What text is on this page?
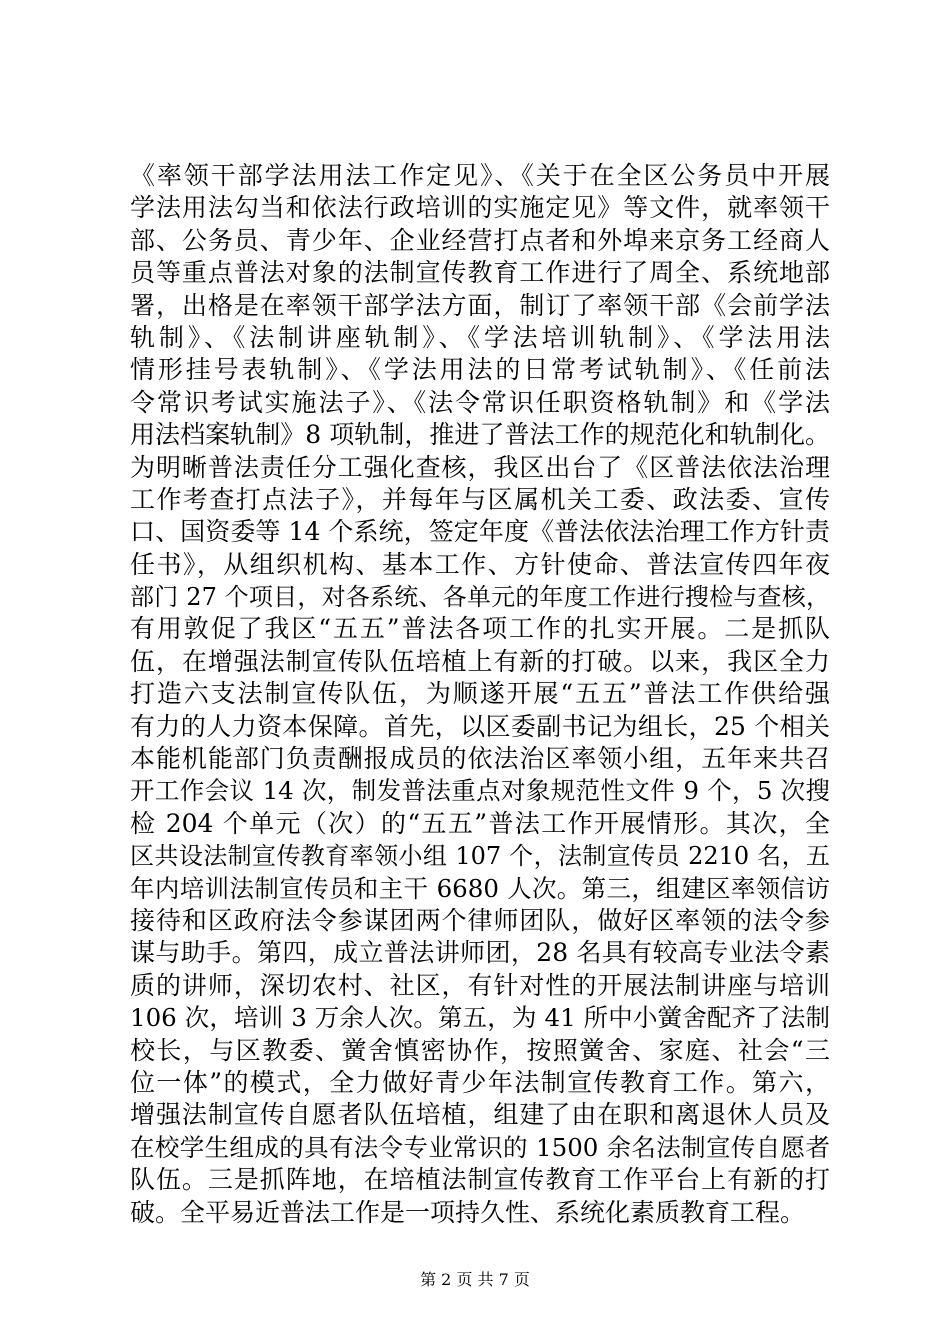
《率领干部学法用法工作定见》、《关于在全区公务员中开展
学法用法勾当和依法行政培训的实施定见》等文件，就率领干
部、公务员、青少年、企业经营打点者和外埠来京务工经商人
员等重点普法对象的法制宣传教育工作进行了周全、系统地部
署，出格是在率领干部学法方面，制订了率领干部《会前学法
轨制》、《法制讲座轨制》、《学法培训轨制》、《学法用法
情形挂号表轨制》、《学法用法的日常考试轨制》、《任前法
令常识考试实施法子》、《法令常识任职资格轨制》和《学法
用法档案轨制》8 项轨制，推进了普法工作的规范化和轨制化。
为明晰普法责任分工强化查核，我区出台了《区普法依法治理
工作考查打点法子》，并每年与区属机关工委、政法委、宣传
口、国资委等 14 个系统，签定年度《普法依法治理工作方针责
任书》，从组织机构、基本工作、方针使命、普法宣传四年夜
部门 27 个项目，对各系统、各单元的年度工作进行搜检与查核，
有用敦促了我区“五五”普法各项工作的扎实开展。二是抓队
伍，在增强法制宣传队伍培植上有新的打破。以来，我区全力
打造六支法制宣传队伍，为顺遂开展“五五”普法工作供给强
有力的人力资本保障。首先，以区委副书记为组长，25 个相关
本能机能部门负责酬报成员的依法治区率领小组，五年来共召
开工作会议 14 次，制发普法重点对象规范性文件 9 个，5 次搜
检 204 个单元（次）的“五五”普法工作开展情形。其次，全
区共设法制宣传教育率领小组 107 个，法制宣传员 2210 名，五
年内培训法制宣传员和主干 6680 人次。第三，组建区率领信访
接待和区政府法令参谋团两个律师团队，做好区率领的法令参
谋与助手。第四，成立普法讲师团，28 名具有较高专业法令素
质的讲师，深切农村、社区，有针对性的开展法制讲座与培训
106 次，培训 3 万余人次。第五，为 41 所中小黉舍配齐了法制
校长，与区教委、黉舍慎密协作，按照黉舍、家庭、社会“三
位一体”的模式，全力做好青少年法制宣传教育工作。第六，
增强法制宣传自愿者队伍培植，组建了由在职和离退休人员及
在校学生组成的具有法令专业常识的 1500 余名法制宣传自愿者
队伍。三是抓阵地，在培植法制宣传教育工作平台上有新的打
破。全平易近普法工作是一项持久性、系统化素质教育工程。
第 2 页 共 7 页
